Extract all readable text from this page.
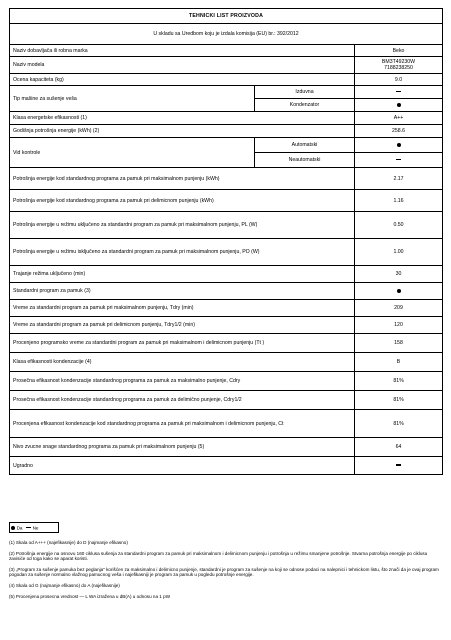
TEHNICKI LIST PROIZVODA		
U skladu sa Uredbom koju je izdala komisija (EU) br.: 392/2012		
Naziv dobavljača ili robna marka		Beko
Naziv modela		BM3T49230W
7188238250

Ocena kapaciteta (kg)		9.0
Tip mašine za sušenje veša	Izduvna	
	Kondenzator	
Klasa energetske efikasnosti (1)		A++
Godišnja potrošnja energije (kWh) (2)		258.6
Vid kontrole	Automatski	
	Neautomatski	
Potrošnja energije kod standardnog programa za pamuk pri maksimalnom punjenju (kWh)		2.17
Potrošnja energije kod standardnog programa za pamuk pri delimicnom punjenju (kWh)		1.16
Potrošnja energije u režimu uključeno za standardni program za pamuk pri maksimalnom punjenju, PL (W)		0.50
Potrošnja energije u režimu isključeno za standardni program za pamuk pri maksimalnom punjenju, PO (W)		1.00
Trajanje režima uključeno (min)		30
Standardni program za pamuk (3)		
Vreme za standardni program za pamuk pri maksimalnom punjenju, Tdry (min)		209
Vreme za standardni program za pamuk pri delimicnom punjenju, Tdry1/2 (min)		120
Procenjeno programsko vreme za standardni program za pamuk pri maksimalnom i delimicnom punjenju (Tt )		158
Klasa efikasnosti kondenzacije (4)		B
Prosečna efikasnost kondenzacije standardnog programa za pamuk za maksimalno punjenje, Cdry		81%
Prosečna efikasnost kondenzacije standardnog programa za pamuk za delimično punjenje, Cdry1/2		81%
Procenjena efikasnost kondenzacije kod standardnog programa za pamuk pri maksimalnom i delimicnom punjenju, Ct		81%
Nivo zvucne snage standardnog programa za pamuk pri maksimalnom punjenju (5)		64
Ugradno		
Da Ne

(1) Skala od A+++ (najefikasnije) do D (najmanje efikasno)

(2) Potrošnja energije na osnovu 160 ciklusa sušenja za standardni program za pamuk pri maksimalnom i delimicnom punjenju i potrošnja u režimu smanjene potrošnje. Stvarna potrošnja energije po ciklusu zavisiće od toga kako se aparat koristi.

(3) „Program za sušenje pamuka bez peglanja" korišćen za maksimalno i delimicno punjenje, standardni je program za sušenje na koji se odnose podaci na nalepnici i tehnickom listu, što znači da je ovaj program pogodan za sušenje normalno vlažnog pamucnog veša i najefikasniji je program za pamuk u pogledu potrošnje energije.

(4) Skala od G (najmanje efikasno) do A (najefikasnije)

(5) Procenjena prosecna vrednost — L WA izražena u dB(A) u odnosu na 1 pW
